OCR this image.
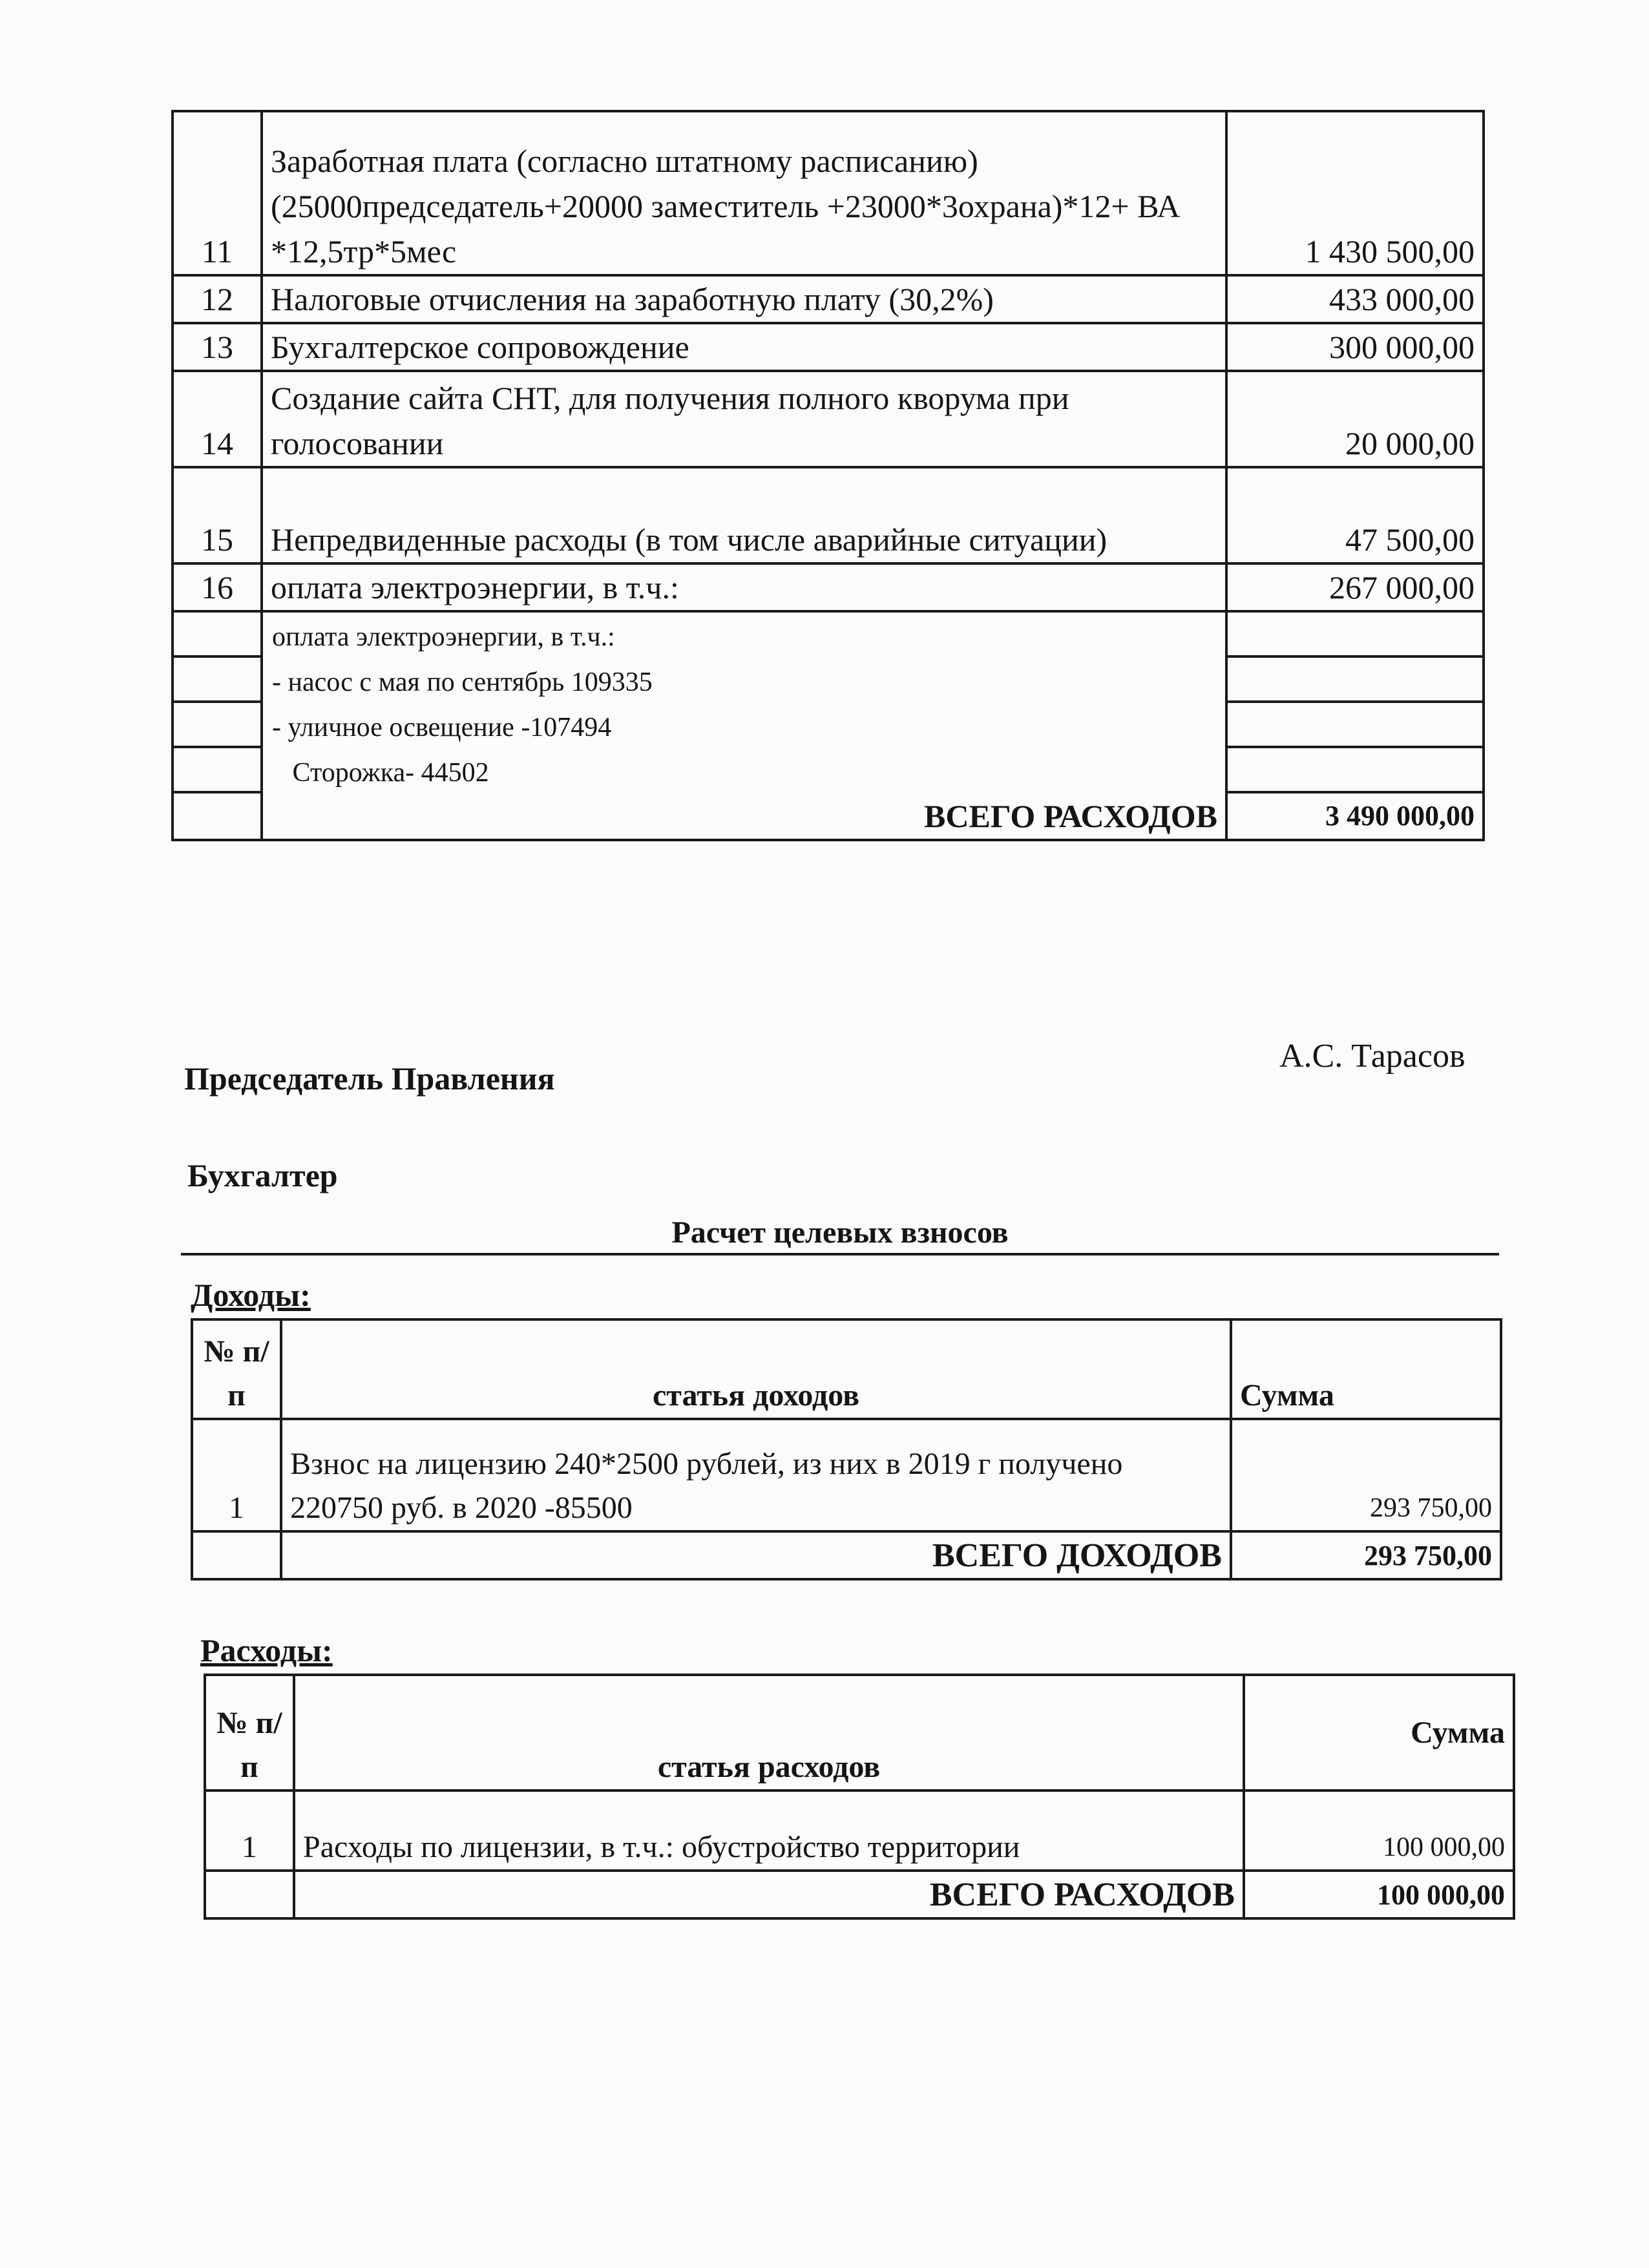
11	Заработная плата (согласно штатному расписанию)(25000председатель+20000 заместитель +23000*3охрана)*12+ ВА *12,5тр*5мес	1 430 500,00
12	Налоговые отчисления на заработную плату (30,2%)	433 000,00
13	Бухгалтерское сопровождение	300 000,00
14	Создание сайта СНТ, для получения полного кворума при голосовании	20 000,00
15	Непредвиденные расходы (в том числе аварийные ситуации)	47 500,00
16	оплата электроэнергии, в т.ч.:	267 000,00
	оплата электроэнергии, в т.ч.:	
	- насос с мая по сентябрь 109335	
	- уличное освещение -107494	
	Сторожка- 44502	
	ВСЕГО РАСХОДОВ	3 490 000,00
Председатель Правления
А.С. Тарасов
Бухгалтер
Расчет целевых взносов
Доходы:
№ п/п	статья доходов	Сумма
1	Взнос на лицензию 240*2500 рублей, из них в 2019 г получено 220750 руб. в 2020 -85500	293 750,00
	ВСЕГО ДОХОДОВ	293 750,00
Расходы:
№ п/п	статья расходов	Сумма
1	Расходы по лицензии, в т.ч.: обустройство территории	100 000,00
	ВСЕГО РАСХОДОВ	100 000,00
